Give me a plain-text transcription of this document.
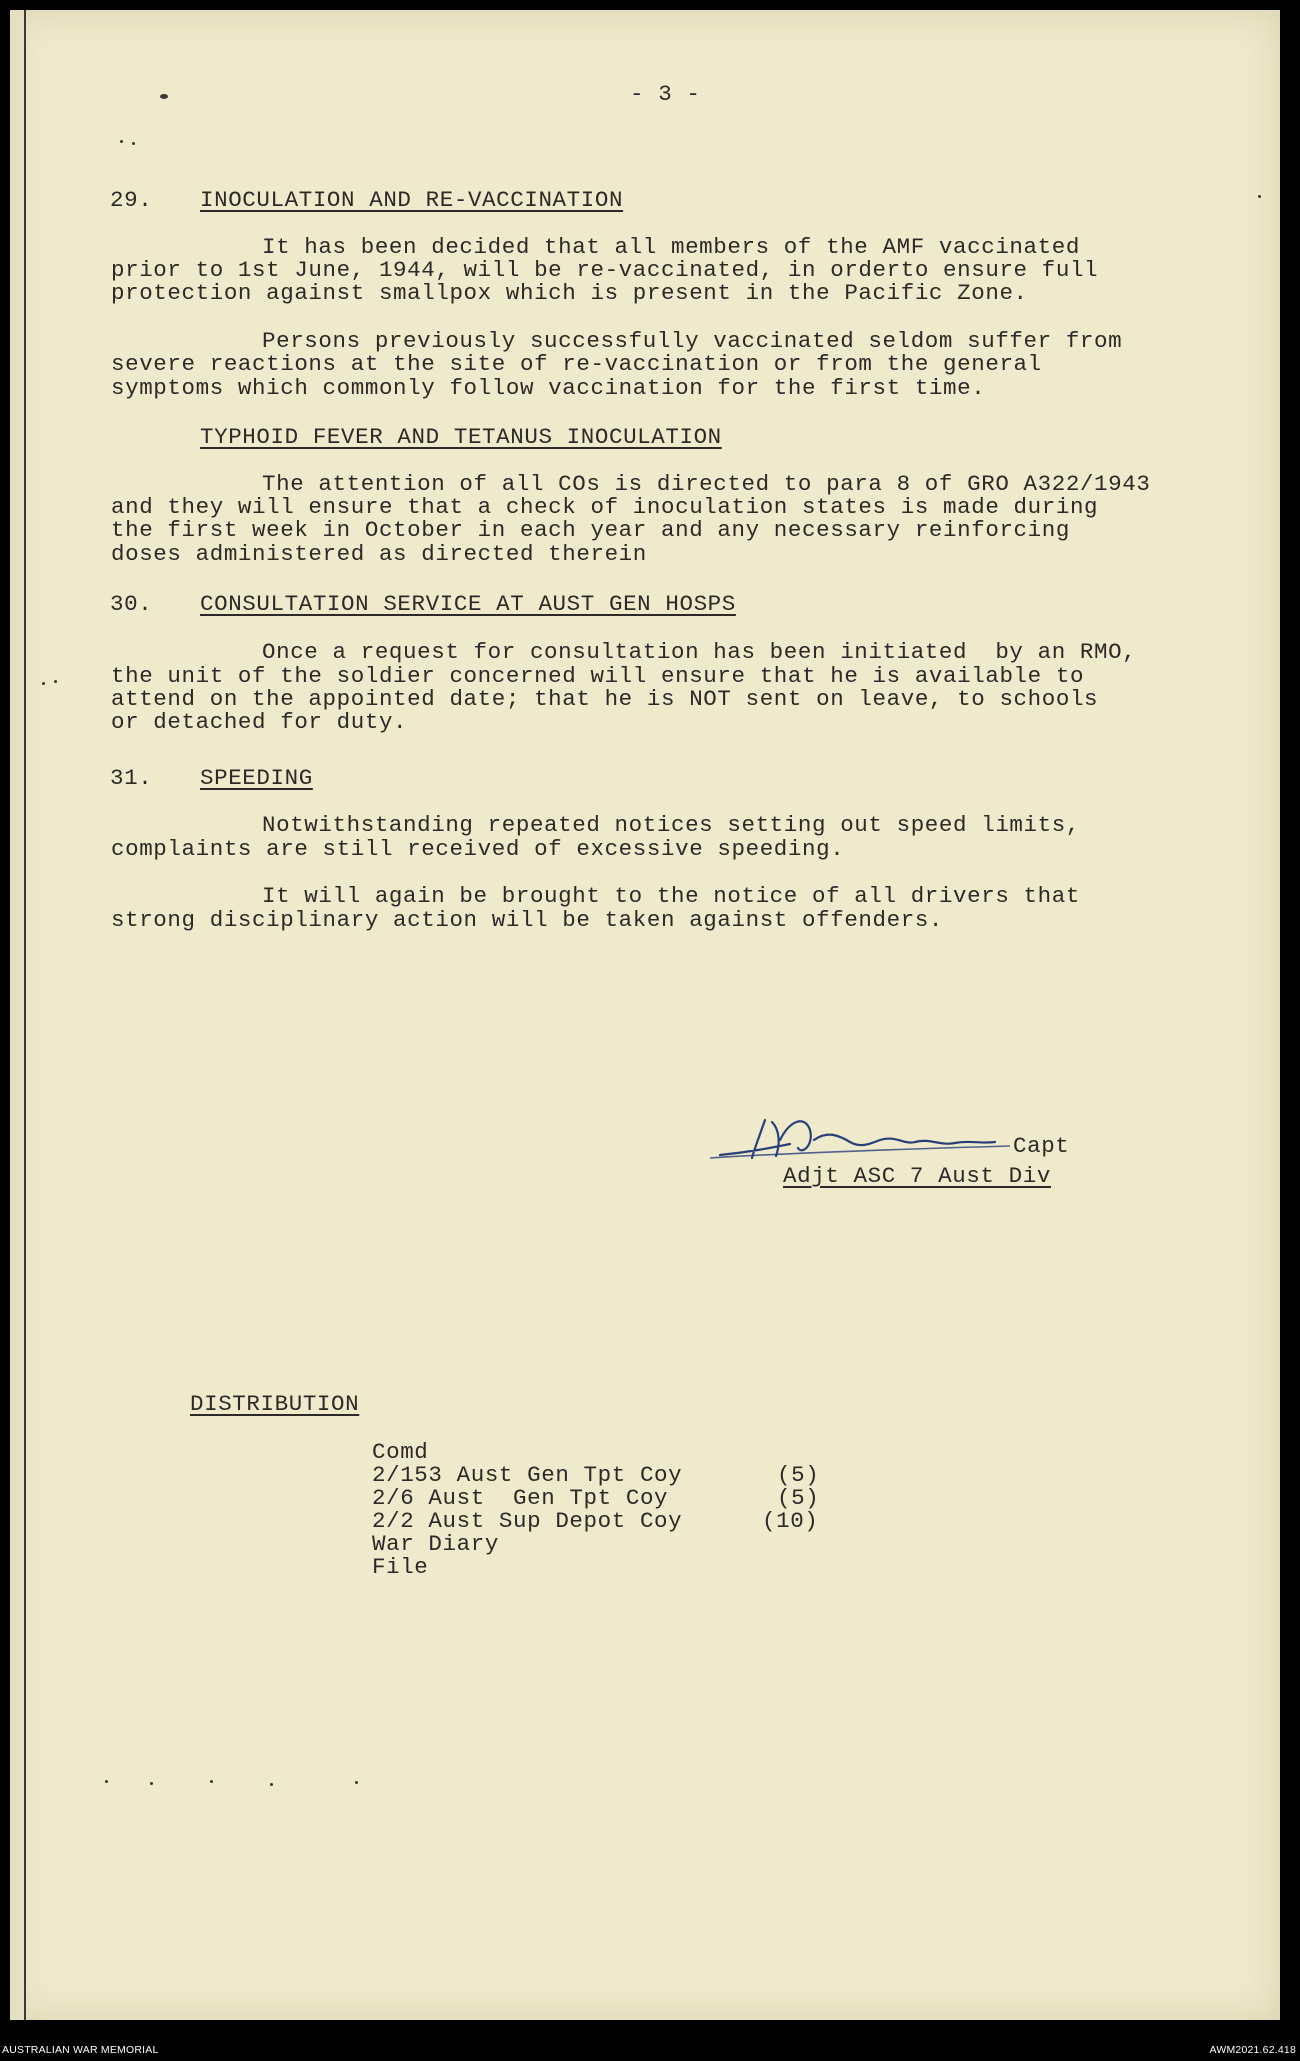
- 3 -
29. INOCULATION AND RE-VACCINATION
It has been decided that all members of the AMF vaccinated
prior to 1st June, 1944, will be re-vaccinated, in orderto ensure full
protection against smallpox which is present in the Pacific Zone.
Persons previously successfully vaccinated seldom suffer from
severe reactions at the site of re-vaccination or from the general
symptoms which commonly follow vaccination for the first time.
TYPHOID FEVER AND TETANUS INOCULATION
The attention of all COs is directed to para 8 of GRO A322/1943
and they will ensure that a check of inoculation states is made during
the first week in October in each year and any necessary reinforcing
doses administered as directed therein
30. CONSULTATION SERVICE AT AUST GEN HOSPS
Once a request for consultation has been initiated  by an RMO,
the unit of the soldier concerned will ensure that he is available to
attend on the appointed date; that he is NOT sent on leave, to schools
or detached for duty.
31. SPEEDING
Notwithstanding repeated notices setting out speed limits,
complaints are still received of excessive speeding.
It will again be brought to the notice of all drivers that
strong disciplinary action will be taken against offenders.
Capt
Adjt ASC 7 Aust Div
DISTRIBUTION
Comd
2/153 Aust Gen Tpt Coy	(5)
2/6 Aust  Gen Tpt Coy	(5)
2/2 Aust Sup Depot Coy	(10)
War Diary
File
AUSTRALIAN WAR MEMORIAL	AWM2021.62.418
